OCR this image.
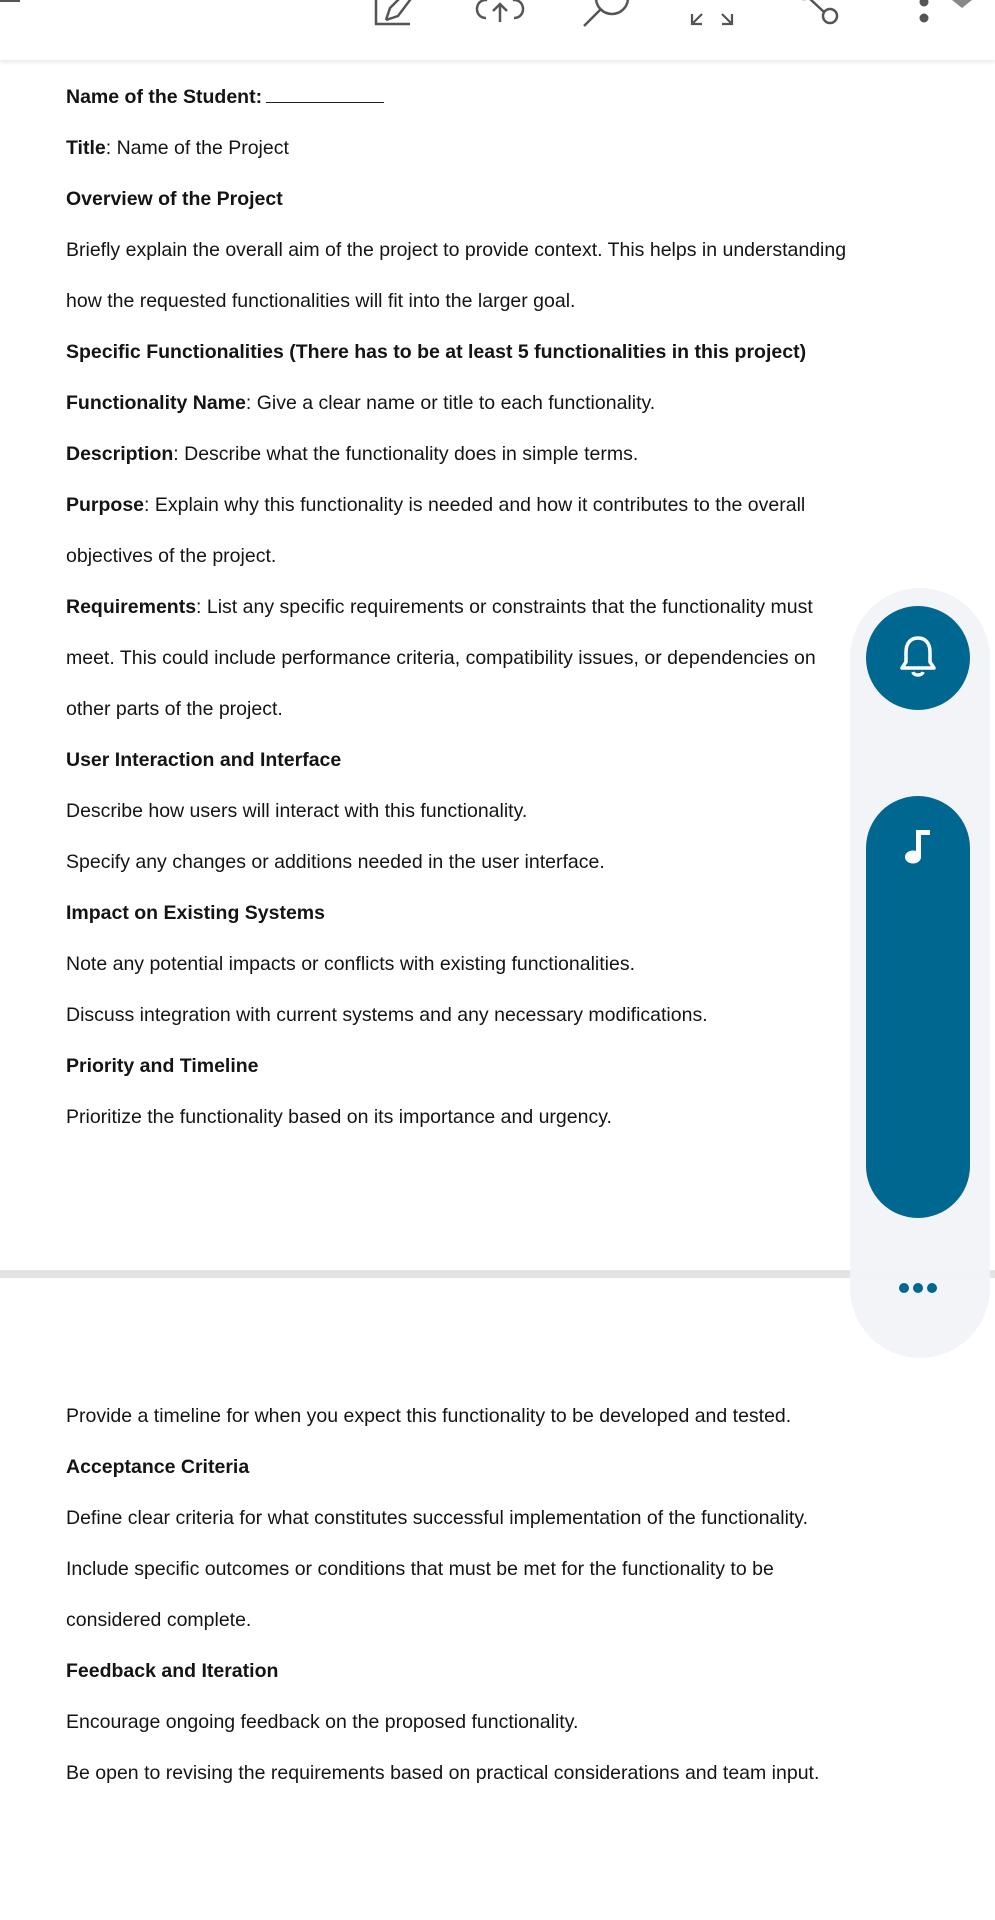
Name of the Student:
Title: Name of the Project
Overview of the Project
Briefly explain the overall aim of the project to provide context. This helps in understanding
how the requested functionalities will fit into the larger goal.
Specific Functionalities (There has to be at least 5 functionalities in this project)
Functionality Name: Give a clear name or title to each functionality.
Description: Describe what the functionality does in simple terms.
Purpose: Explain why this functionality is needed and how it contributes to the overall
objectives of the project.
Requirements: List any specific requirements or constraints that the functionality must
meet. This could include performance criteria, compatibility issues, or dependencies on
other parts of the project.
User Interaction and Interface
Describe how users will interact with this functionality.
Specify any changes or additions needed in the user interface.
Impact on Existing Systems
Note any potential impacts or conflicts with existing functionalities.
Discuss integration with current systems and any necessary modifications.
Priority and Timeline
Prioritize the functionality based on its importance and urgency.
Provide a timeline for when you expect this functionality to be developed and tested.
Acceptance Criteria
Define clear criteria for what constitutes successful implementation of the functionality.
Include specific outcomes or conditions that must be met for the functionality to be
considered complete.
Feedback and Iteration
Encourage ongoing feedback on the proposed functionality.
Be open to revising the requirements based on practical considerations and team input.
